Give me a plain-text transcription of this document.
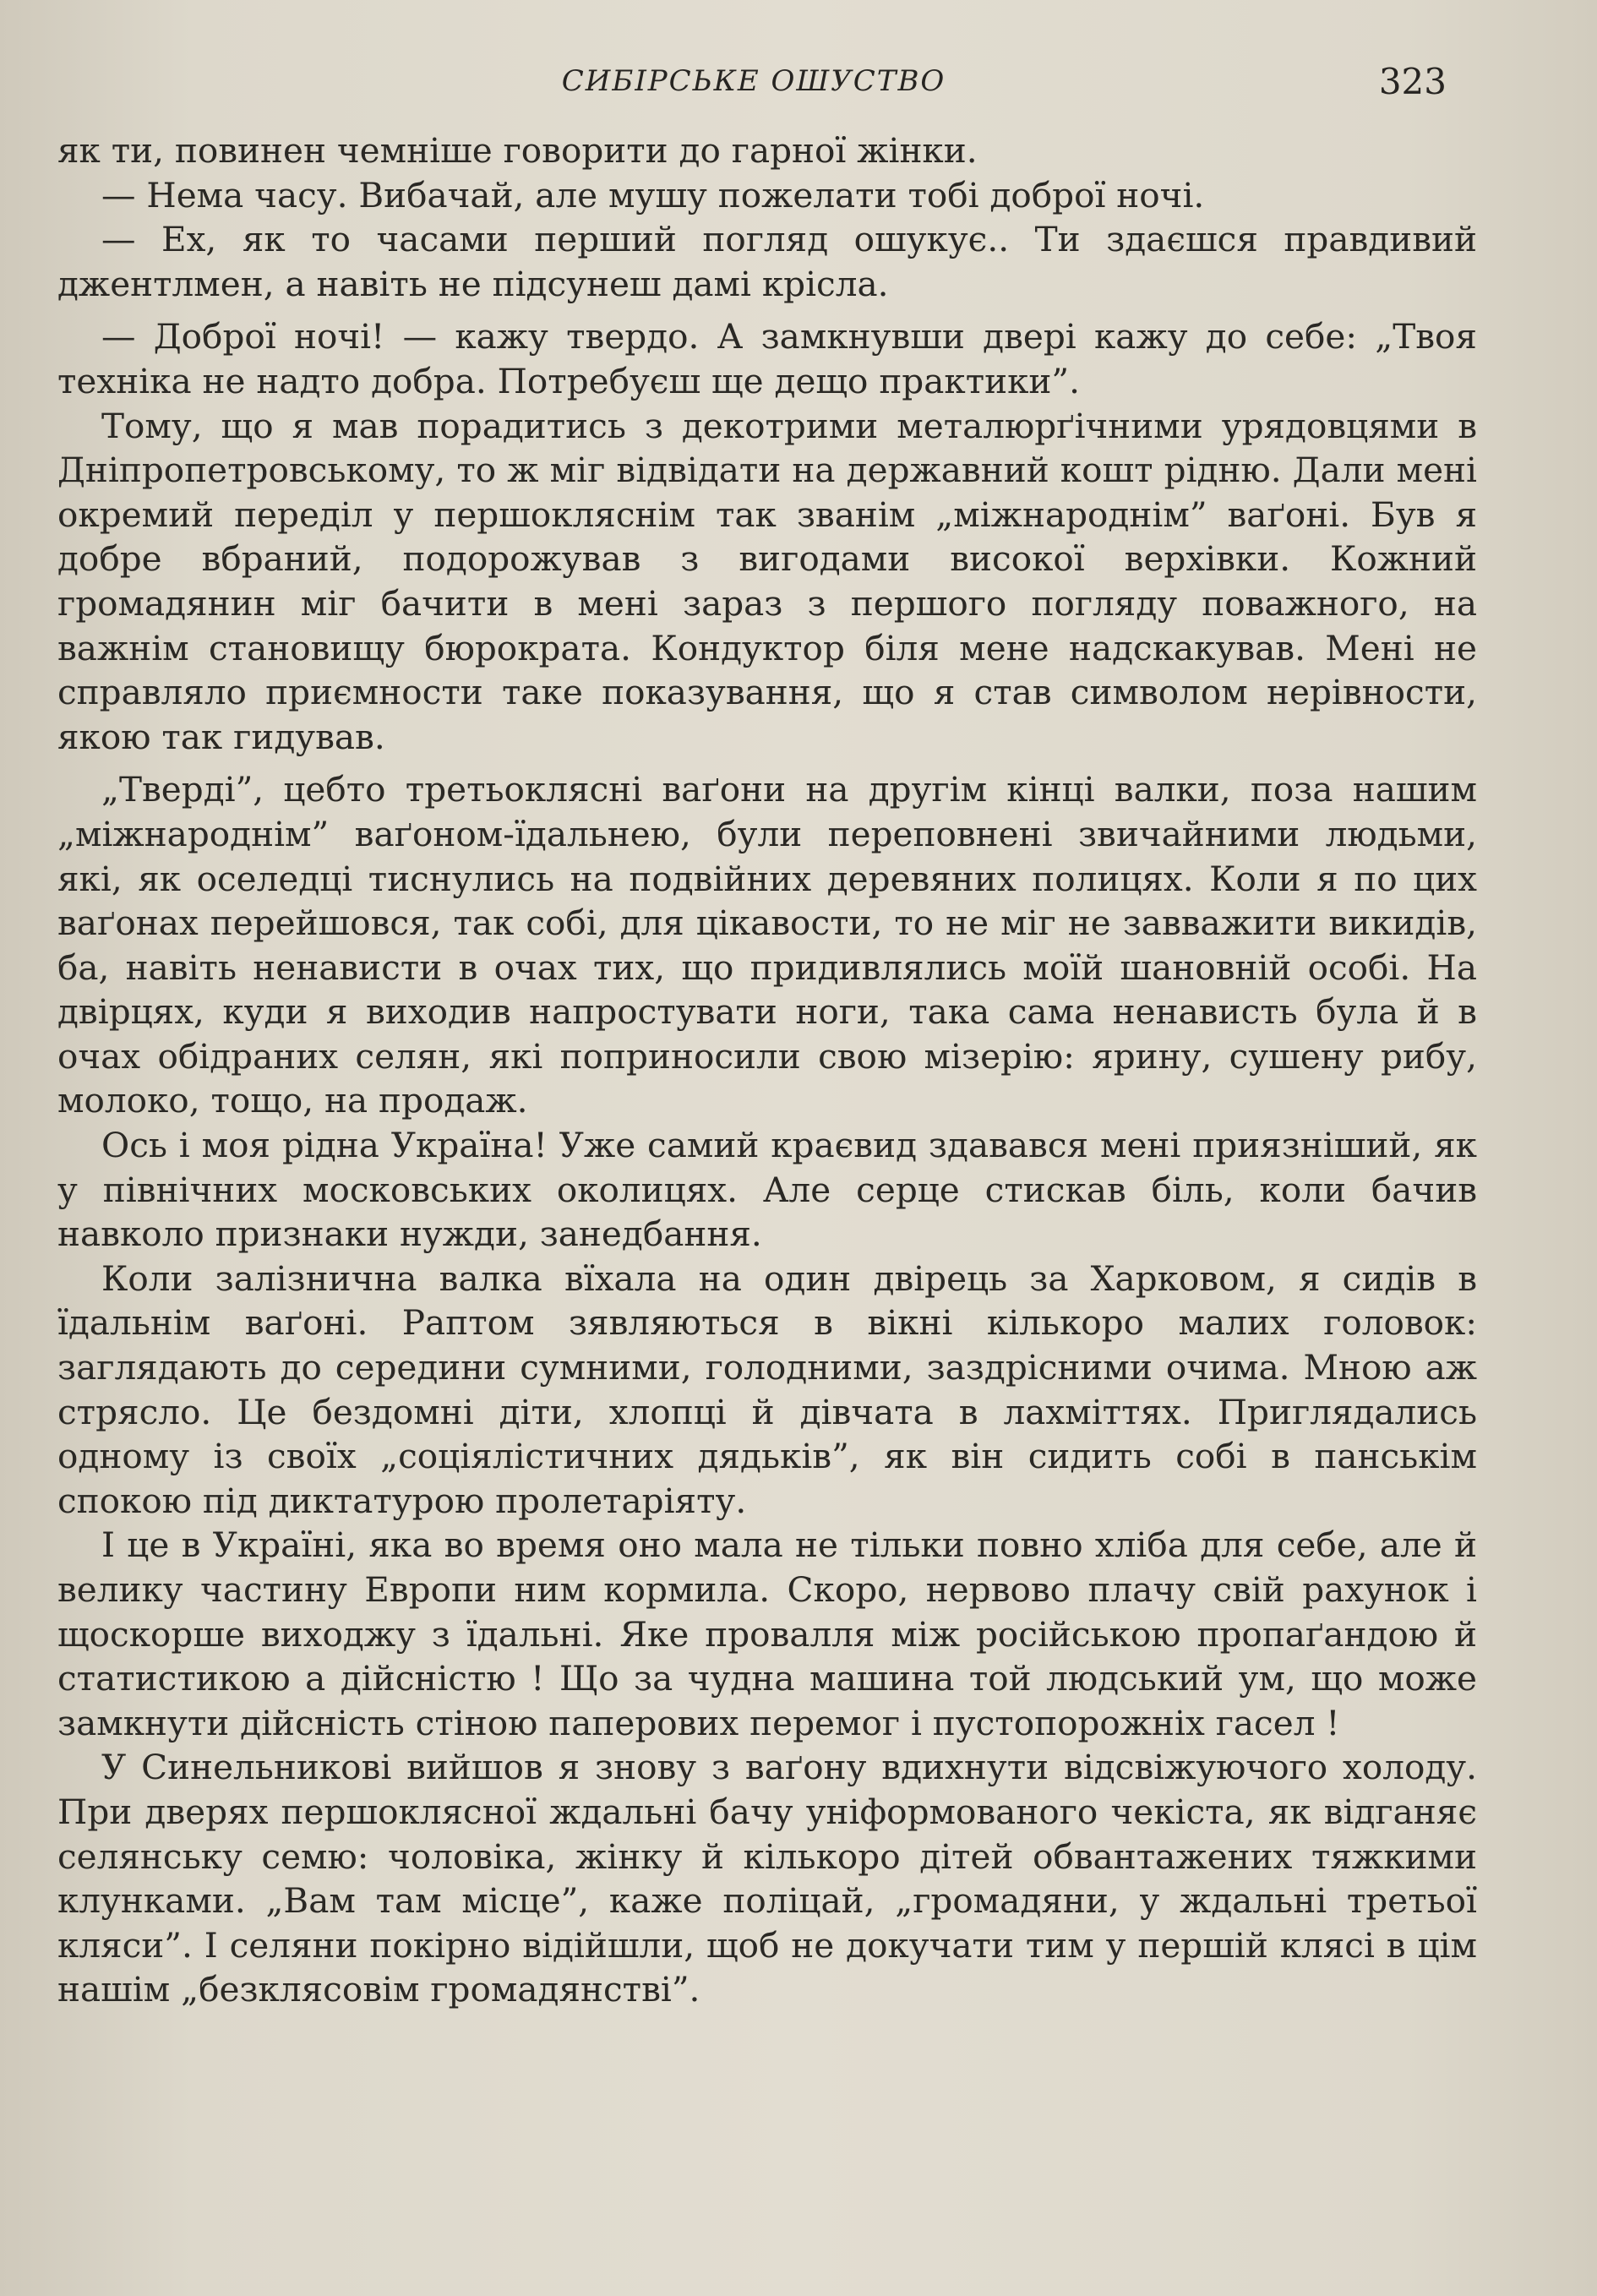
СИБІРСЬКЕ ОШУСТВО	323

як ти, повинен чемніше говорити до гарної жінки.

— Нема часу. Вибачай, але мушу пожелати тобі доброї ночі.

— Ех, як то часами перший погляд ошукує.. Ти здаєшся правдивий джентлмен, а навіть не підсунеш дамі крісла.

— Доброї ночі! — кажу твердо. А замкнувши двері кажу до себе: „Твоя техніка не надто добра. Потребуєш ще дещо практики”.

Тому, що я мав порадитись з декотрими металюрґічними урядовцями в Дніпропетровському, то ж міг відвідати на державний кошт рідню. Дали мені окремий переділ у першокляснім так званім „міжнароднім” ваґоні. Був я добре вбраний, подорожував з вигодами високої верхівки. Кожний громадянин міг бачити в мені зараз з першого погляду поважного, на важнім становищу бюрократа. Кондуктор біля мене надскакував. Мені не справляло приємности таке показування, що я став символом нерівности, якою так гидував.

„Тверді”, цебто третьоклясні ваґони на другім кінці валки, поза нашим „міжнароднім” ваґоном-їдальнею, були переповнені звичайними людьми, які, як оселедці тиснулись на подвійних деревяних полицях. Коли я по цих ваґонах перейшовся, так собі, для цікавости, то не міг не завважити викидів, ба, навіть ненависти в очах тих, що придивлялись моїй шановній особі. На двірцях, куди я виходив напростувати ноги, така сама ненависть була й в очах обідраних селян, які поприносили свою мізерію: ярину, сушену рибу, молоко, тощо, на продаж.

Ось і моя рідна Україна! Уже самий краєвид здавався мені приязніший, як у північних московських околицях. Але серце стискав біль, коли бачив навколо признаки нужди, занедбання.

Коли залізнична валка вїхала на один двірець за Харковом, я сидів в їдальнім ваґоні. Раптом зявляються в вікні кількоро малих головок: заглядають до середини сумними, голодними, заздрісними очима. Мною аж стрясло. Це бездомні діти, хлопці й дівчата в лахміттях. Приглядались одному із своїх „соціялістичних дядьків”, як він сидить собі в панськім спокою під диктатурою пролетаріяту.

І це в Україні, яка во время оно мала не тільки повно хліба для себе, але й велику частину Европи ним кормила. Скоро, нервово плачу свій рахунок і щоскорше виходжу з їдальні. Яке провалля між російською пропаґандою й статистикою а дійсністю ! Що за чудна машина той людський ум, що може замкнути дійсність стіною паперових перемог і пустопорожніх гасел !

У Синельникові вийшов я знову з ваґону вдихнути відсвіжуючого холоду. При дверях першоклясної ждальні бачу уніформованого чекіста, як відганяє селянську семю: чоловіка, жінку й кількоро дітей обвантажених тяжкими клунками. „Вам там місце”, каже поліцай, „громадяни, у ждальні третьої кляси”. І селяни покірно відійшли, щоб не докучати тим у першій клясі в цім нашім „безклясовім громадянстві”.
